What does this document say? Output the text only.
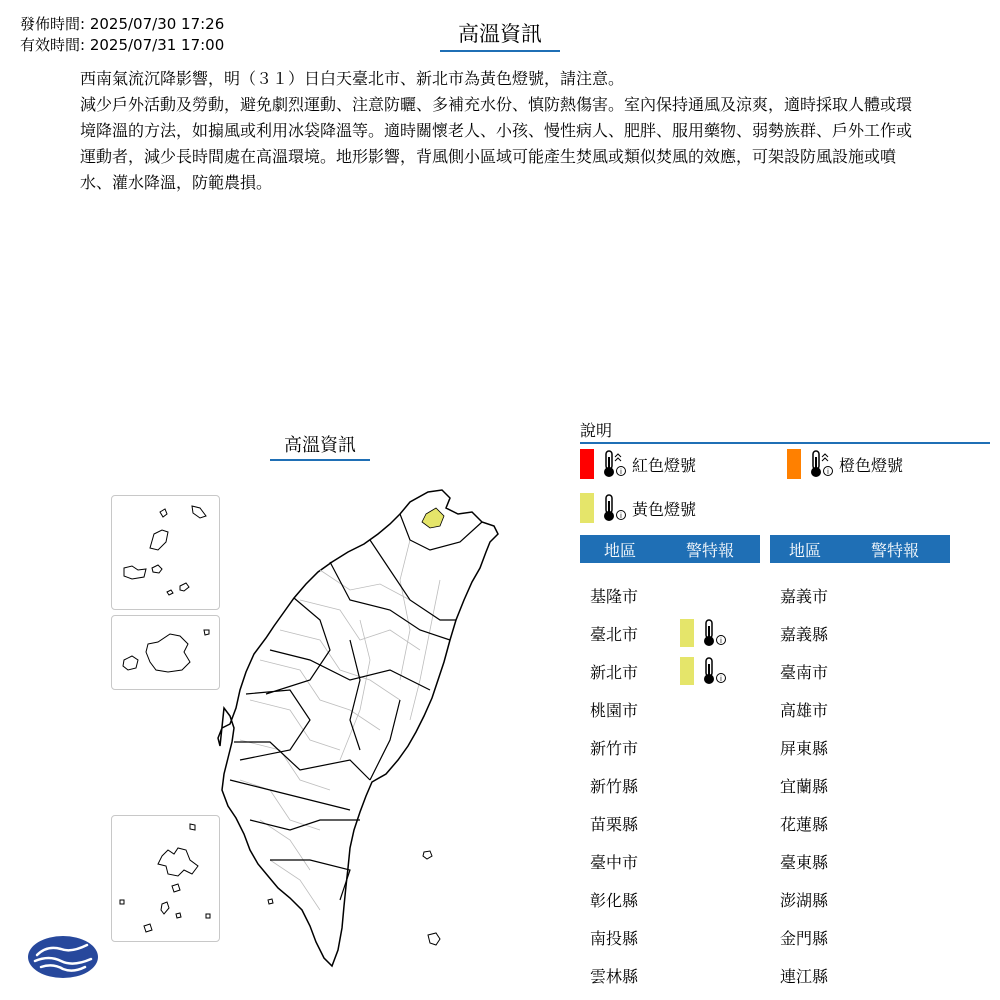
發佈時間: 2025/07/30 17:26
有效時間: 2025/07/31 17:00	高溫資訊

西南氣流沉降影響，明（３１）日白天臺北市、新北市為黃色燈號，請注意。

減少戶外活動及勞動，避免劇烈運動、注意防曬、多補充水份、慎防熱傷害。室內保持通風及涼爽，適時採取人體或環境降溫的方法，如搧風或利用冰袋降溫等。適時關懷老人、小孩、慢性病人、肥胖、服用藥物、弱勢族群、戶外工作或運動者，減少長時間處在高溫環境。地形影響，背風側小區域可能產生焚風或類似焚風的效應，可架設防風設施或噴水、灌水降溫，防範農損。

高溫資訊
說明
i 紅色燈號	i 橙色燈號
i 黃色燈號
地區	警特報	地區	警特報
基隆市
臺北市	i
新北市	i
桃園市
新竹市
新竹縣
苗栗縣
臺中市
彰化縣
南投縣
雲林縣
嘉義市
嘉義縣
臺南市
高雄市
屏東縣
宜蘭縣
花蓮縣
臺東縣
澎湖縣
金門縣
連江縣
